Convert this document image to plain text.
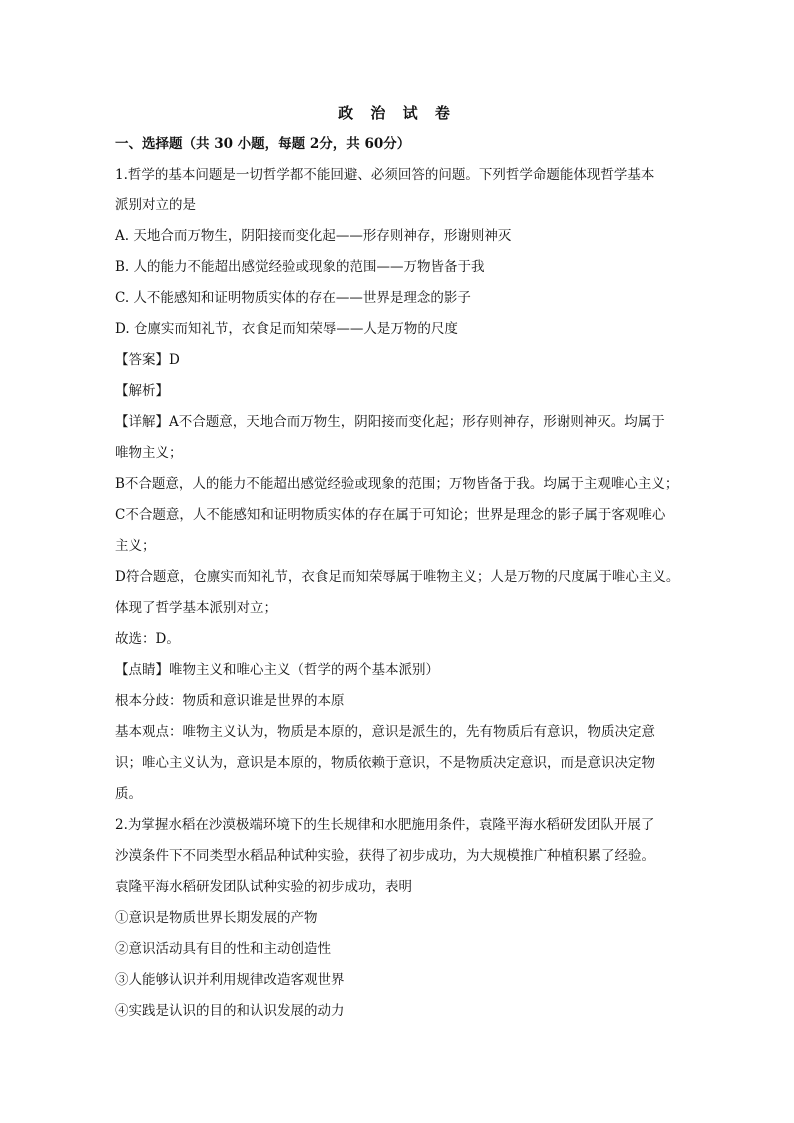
政 治 试 卷
一、选择题（共 30 小题，每题 2分，共 60分）
1.哲学的基本问题是一切哲学都不能回避、必须回答的问题。下列哲学命题能体现哲学基本
派别对立的是
A. 天地合而万物生，阴阳接而变化起——形存则神存，形谢则神灭
B. 人的能力不能超出感觉经验或现象的范围——万物皆备于我
C. 人不能感知和证明物质实体的存在——世界是理念的影子
D. 仓廪实而知礼节，衣食足而知荣辱——人是万物的尺度
【答案】D
【解析】
【详解】A不合题意，天地合而万物生，阴阳接而变化起；形存则神存，形谢则神灭。均属于
唯物主义；
B不合题意，人的能力不能超出感觉经验或现象的范围；万物皆备于我。均属于主观唯心主义；
C不合题意，人不能感知和证明物质实体的存在属于可知论；世界是理念的影子属于客观唯心
主义；
D符合题意，仓廪实而知礼节，衣食足而知荣辱属于唯物主义；人是万物的尺度属于唯心主义。
体现了哲学基本派别对立；
故选：D。
【点睛】唯物主义和唯心主义（哲学的两个基本派别）
根本分歧：物质和意识谁是世界的本原
基本观点：唯物主义认为，物质是本原的，意识是派生的，先有物质后有意识，物质决定意
识；唯心主义认为，意识是本原的，物质依赖于意识，不是物质决定意识，而是意识决定物
质。
2.为掌握水稻在沙漠极端环境下的生长规律和水肥施用条件，袁隆平海水稻研发团队开展了
沙漠条件下不同类型水稻品种试种实验，获得了初步成功，为大规模推广种植积累了经验。
袁隆平海水稻研发团队试种实验的初步成功，表明
①意识是物质世界长期发展的产物
②意识活动具有目的性和主动创造性
③人能够认识并利用规律改造客观世界
④实践是认识的目的和认识发展的动力
